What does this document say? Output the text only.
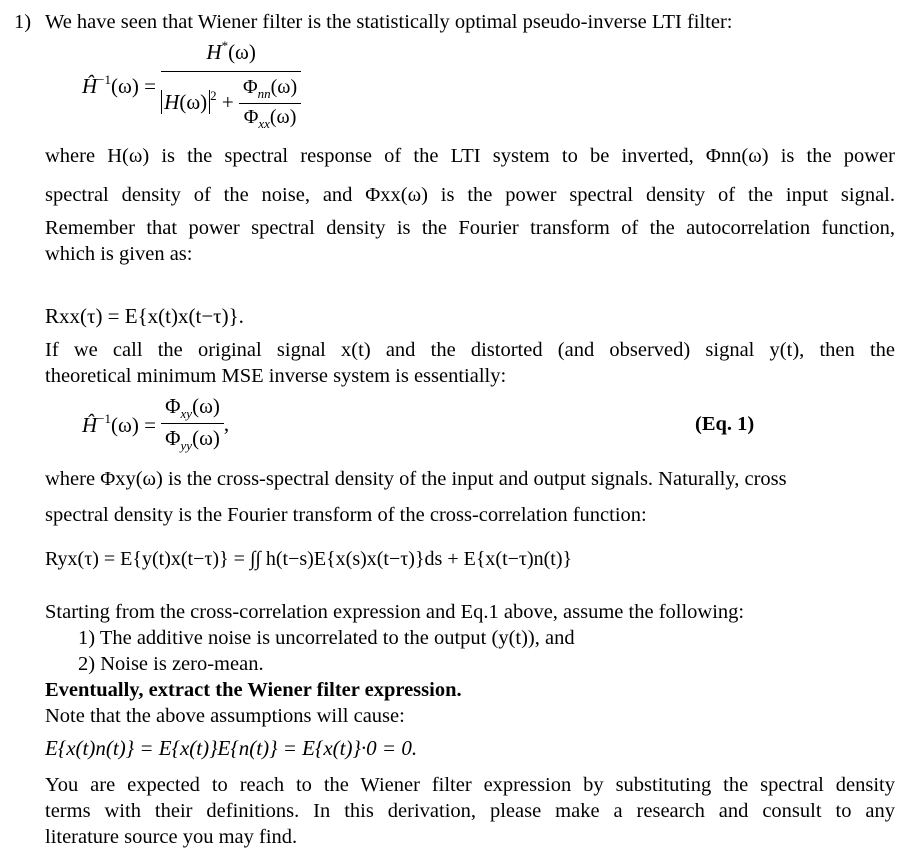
1) We have seen that Wiener filter is the statistically optimal pseudo-inverse LTI filter:
$Ĥ^{-1}(\omega) = \frac{H^*(\omega)}{H(\omega) ^2 + \frac{\Phi_{nn}(\omega)}{\Phi_{xx}(\omega)}}$
where H(ω) is the spectral response of the LTI system to be inverted, Φnn(ω) is the power
spectral density of the noise, and Φxx(ω) is the power spectral density of the input signal.
Remember that power spectral density is the Fourier transform of the autocorrelation function,
which is given as:
Rxx(τ) = E{x(t)x(t−τ)}.
If we call the original signal x(t) and the distorted (and observed) signal y(t), then the
theoretical minimum MSE inverse system is essentially:
$Ĥ^{-1}(\omega) = \frac{\Phi_{xy}(\omega)}{\Phi_{yy}(\omega)}$ ,	(Eq. 1)
where Φxy(ω) is the cross-spectral density of the input and output signals. Naturally, cross
spectral density is the Fourier transform of the cross-correlation function:
Ryx(τ) = E{y(t)x(t−τ)} = ∫∫ h(t−s)E{x(s)x(t−τ)}ds + E{x(t−τ)n(t)}
Starting from the cross-correlation expression and Eq.1 above, assume the following:
1) The additive noise is uncorrelated to the output (y(t)), and
2) Noise is zero-mean.
Eventually, extract the Wiener filter expression.
Note that the above assumptions will cause:
E{x(t)n(t)} = E{x(t)}E{n(t)} = E{x(t)}·0 = 0.
You are expected to reach to the Wiener filter expression by substituting the spectral density
terms with their definitions. In this derivation, please make a research and consult to any
literature source you may find.
